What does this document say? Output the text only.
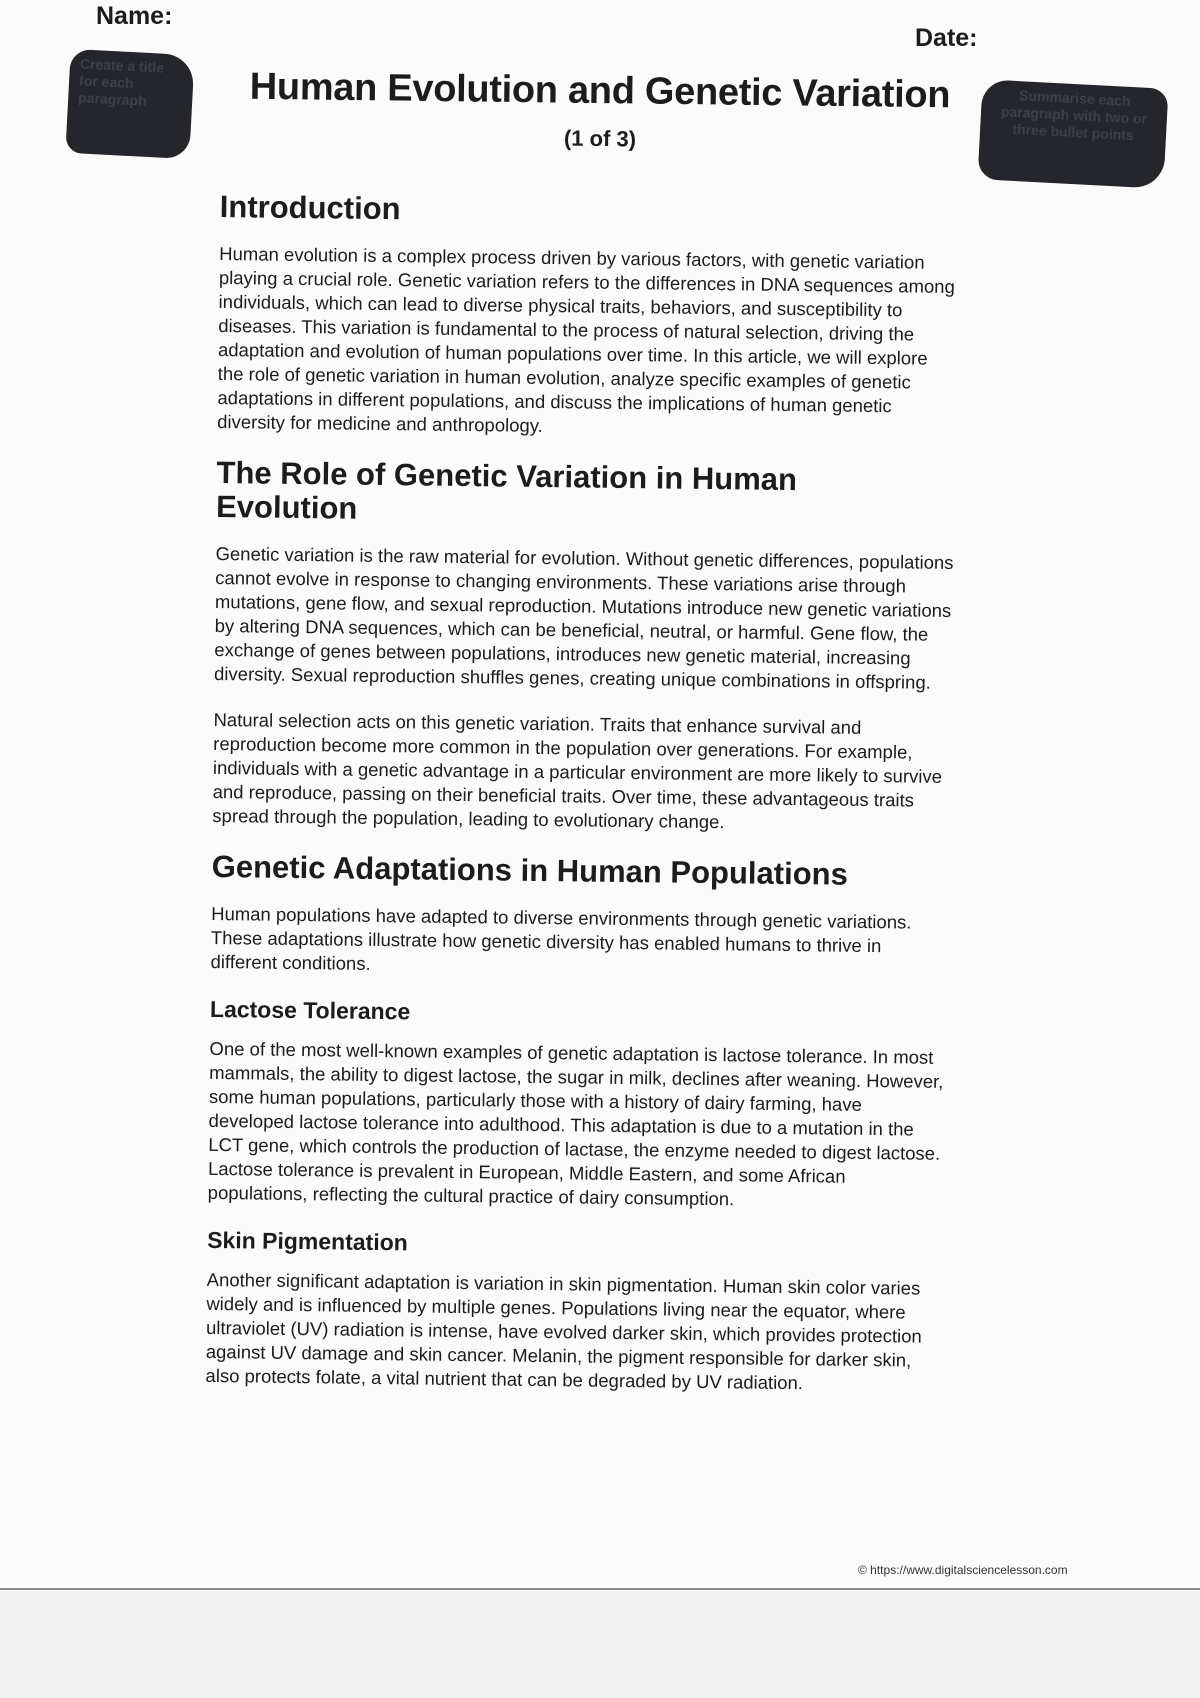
Name:
Date:
Create a title for each paragraph	Summarise each paragraph with two or three bullet points
Human Evolution and Genetic Variation
(1 of 3)
Introduction

Human evolution is a complex process driven by various factors, with genetic variation playing a crucial role. Genetic variation refers to the differences in DNA sequences among individuals, which can lead to diverse physical traits, behaviors, and susceptibility to diseases. This variation is fundamental to the process of natural selection, driving the adaptation and evolution of human populations over time. In this article, we will explore the role of genetic variation in human evolution, analyze specific examples of genetic adaptations in different populations, and discuss the implications of human genetic diversity for medicine and anthropology.

The Role of Genetic Variation in Human Evolution

Genetic variation is the raw material for evolution. Without genetic differences, populations cannot evolve in response to changing environments. These variations arise through mutations, gene flow, and sexual reproduction. Mutations introduce new genetic variations by altering DNA sequences, which can be beneficial, neutral, or harmful. Gene flow, the exchange of genes between populations, introduces new genetic material, increasing diversity. Sexual reproduction shuffles genes, creating unique combinations in offspring.

Natural selection acts on this genetic variation. Traits that enhance survival and reproduction become more common in the population over generations. For example, individuals with a genetic advantage in a particular environment are more likely to survive and reproduce, passing on their beneficial traits. Over time, these advantageous traits spread through the population, leading to evolutionary change.

Genetic Adaptations in Human Populations

Human populations have adapted to diverse environments through genetic variations. These adaptations illustrate how genetic diversity has enabled humans to thrive in different conditions.

Lactose Tolerance

One of the most well-known examples of genetic adaptation is lactose tolerance. In most mammals, the ability to digest lactose, the sugar in milk, declines after weaning. However, some human populations, particularly those with a history of dairy farming, have developed lactose tolerance into adulthood. This adaptation is due to a mutation in the LCT gene, which controls the production of lactase, the enzyme needed to digest lactose. Lactose tolerance is prevalent in European, Middle Eastern, and some African populations, reflecting the cultural practice of dairy consumption.

Skin Pigmentation

Another significant adaptation is variation in skin pigmentation. Human skin color varies widely and is influenced by multiple genes. Populations living near the equator, where ultraviolet (UV) radiation is intense, have evolved darker skin, which provides protection against UV damage and skin cancer. Melanin, the pigment responsible for darker skin, also protects folate, a vital nutrient that can be degraded by UV radiation.

© https://www.digitalsciencelesson.com
